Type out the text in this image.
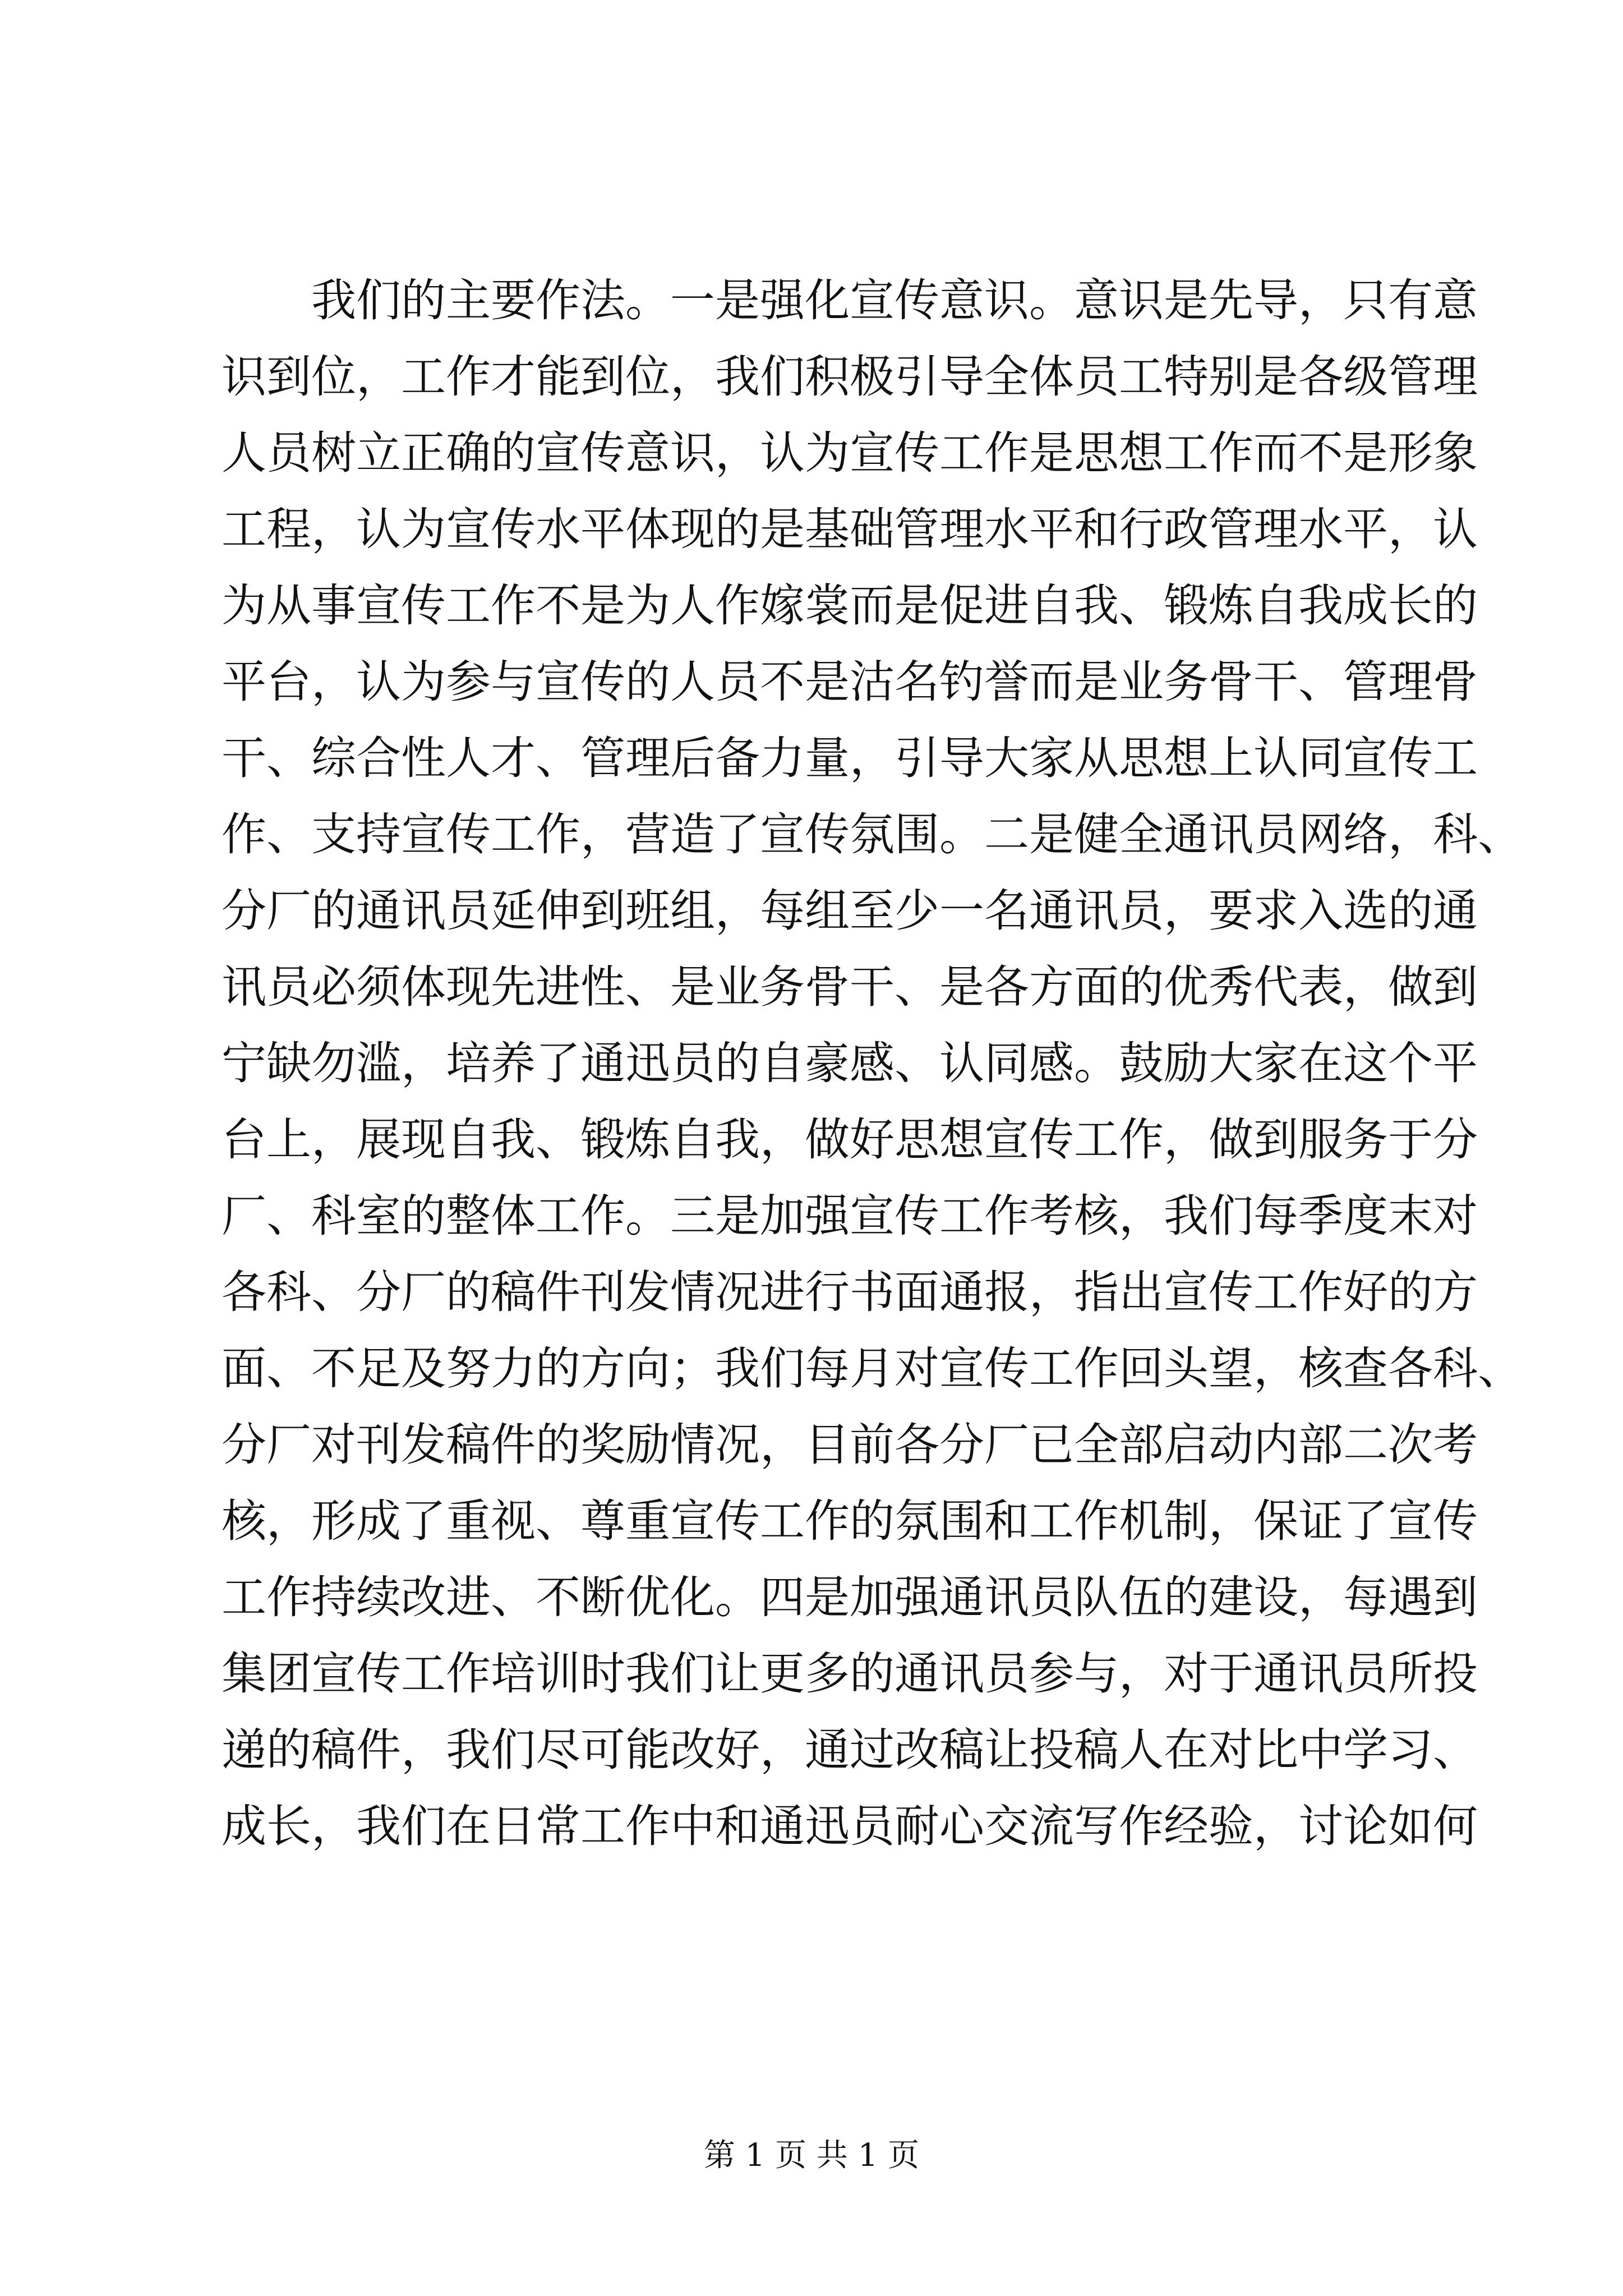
我们的主要作法。一是强化宣传意识。意识是先导，只有意
识到位，工作才能到位，我们积极引导全体员工特别是各级管理
人员树立正确的宣传意识，认为宣传工作是思想工作而不是形象
工程，认为宣传水平体现的是基础管理水平和行政管理水平，认
为从事宣传工作不是为人作嫁裳而是促进自我、锻炼自我成长的
平台，认为参与宣传的人员不是沽名钓誉而是业务骨干、管理骨
干、综合性人才、管理后备力量，引导大家从思想上认同宣传工
作、支持宣传工作，营造了宣传氛围。二是健全通讯员网络，科、
分厂的通讯员延伸到班组，每组至少一名通讯员，要求入选的通
讯员必须体现先进性、是业务骨干、是各方面的优秀代表，做到
宁缺勿滥，培养了通迅员的自豪感、认同感。鼓励大家在这个平
台上，展现自我、锻炼自我，做好思想宣传工作，做到服务于分
厂、科室的整体工作。三是加强宣传工作考核，我们每季度末对
各科、分厂的稿件刊发情况进行书面通报，指出宣传工作好的方
面、不足及努力的方向；我们每月对宣传工作回头望，核查各科、
分厂对刊发稿件的奖励情况，目前各分厂已全部启动内部二次考
核，形成了重视、尊重宣传工作的氛围和工作机制，保证了宣传
工作持续改进、不断优化。四是加强通讯员队伍的建设，每遇到
集团宣传工作培训时我们让更多的通讯员参与，对于通讯员所投
递的稿件，我们尽可能改好，通过改稿让投稿人在对比中学习、
成长，我们在日常工作中和通迅员耐心交流写作经验，讨论如何
第 1 页 共 1 页
